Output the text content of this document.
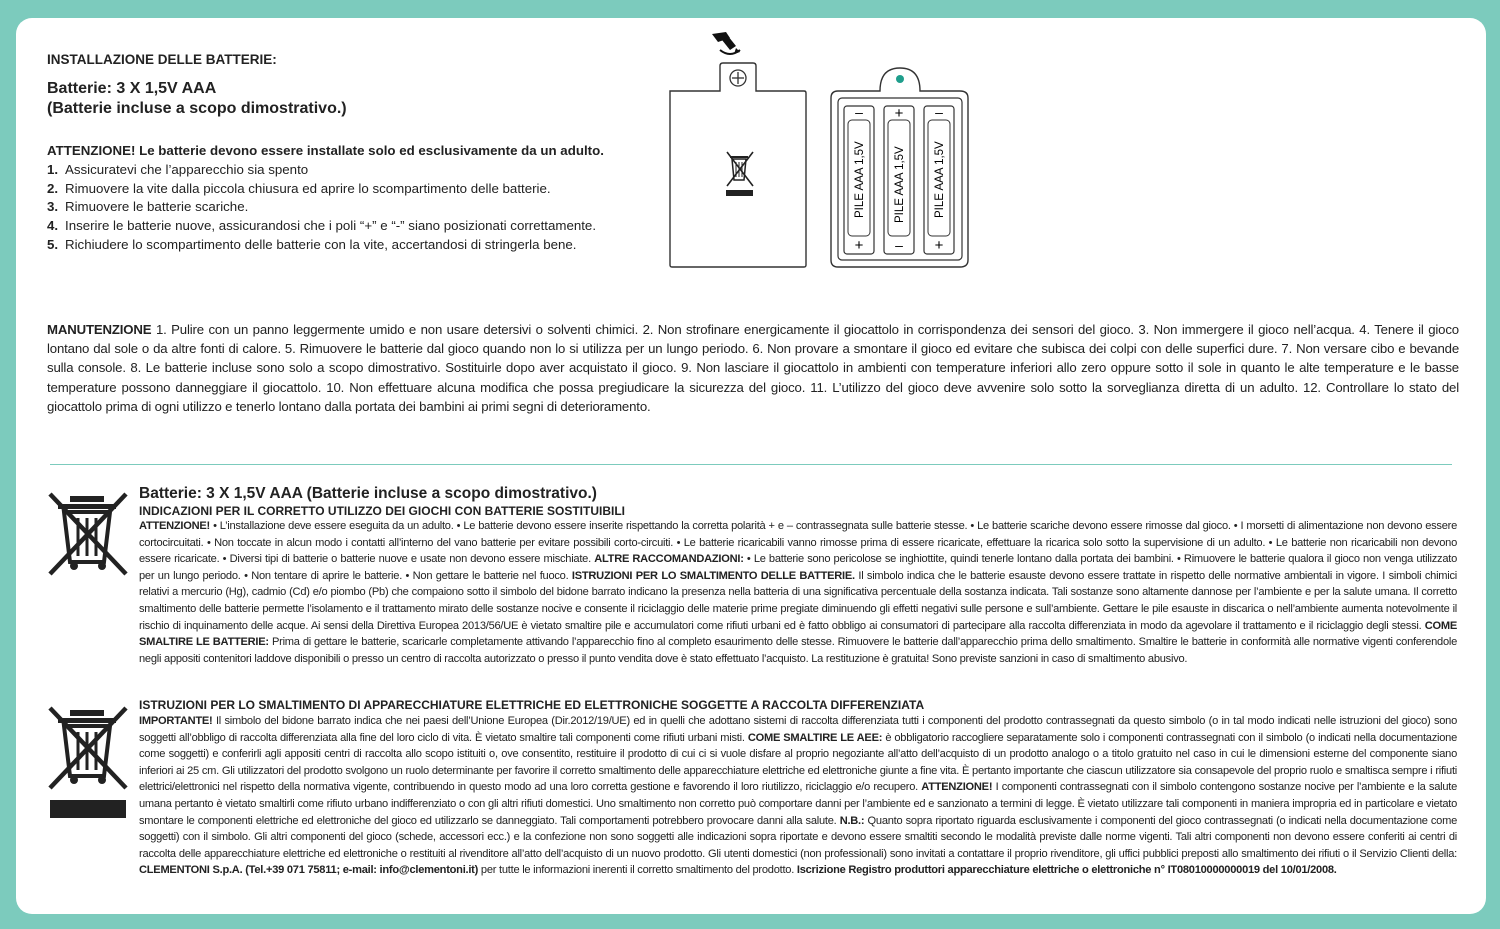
INSTALLAZIONE DELLE BATTERIE:
Batterie: 3 X 1,5V AAA
(Batterie incluse a scopo dimostrativo.)
ATTENZIONE! Le batterie devono essere installate solo ed esclusivamente da un adulto.
1. Assicuratevi che l’apparecchio sia spento
2. Rimuovere la vite dalla piccola chiusura ed aprire lo scompartimento delle batterie.
3. Rimuovere le batterie scariche.
4. Inserire le batterie nuove, assicurandosi che i poli “+” e “-” siano posizionati correttamente.
5. Richiudere lo scompartimento delle batterie con la vite, accertandosi di stringerla bene.	+
–
PILE AAA 1,5V
+
–
PILE AAA 1,5V
+
–
PILE AAA 1,5V
MANUTENZIONE 1. Pulire con un panno leggermente umido e non usare detersivi o solventi chimici. 2. Non strofinare energicamente il giocattolo in corrispondenza dei sensori del gioco. 3. Non immergere il gioco nell’acqua. 4. Tenere il gioco lontano dal sole o da altre fonti di calore. 5. Rimuovere le batterie dal gioco quando non lo si utilizza per un lungo periodo. 6. Non provare a smontare il gioco ed evitare che subisca dei colpi con delle superfici dure. 7. Non versare cibo e bevande sulla console. 8. Le batterie incluse sono solo a scopo dimostrativo. Sostituirle dopo aver acquistato il gioco. 9. Non lasciare il giocattolo in ambienti con temperature inferiori allo zero oppure sotto il sole in quanto le alte temperature e le basse temperature possono danneggiare il giocattolo. 10. Non effettuare alcuna modifica che possa pregiudicare la sicurezza del gioco. 11. L’utilizzo del gioco deve avvenire solo sotto la sorveglianza diretta di un adulto. 12. Controllare lo stato del giocattolo prima di ogni utilizzo e tenerlo lontano dalla portata dei bambini ai primi segni di deterioramento.
Batterie: 3 X 1,5V AAA (Batterie incluse a scopo dimostrativo.)
INDICAZIONI PER IL CORRETTO UTILIZZO DEI GIOCHI CON BATTERIE SOSTITUIBILI
ATTENZIONE! • L’installazione deve essere eseguita da un adulto. • Le batterie devono essere inserite rispettando la corretta polarità + e – contrassegnata sulle batterie stesse. • Le batterie scariche devono essere rimosse dal gioco. • I morsetti di alimentazione non devono essere cortocircuitati. • Non toccate in alcun modo i contatti all’interno del vano batterie per evitare possibili corto-circuiti. • Le batterie ricaricabili vanno rimosse prima di essere ricaricate, effettuare la ricarica solo sotto la supervisione di un adulto. • Le batterie non ricaricabili non devono essere ricaricate. • Diversi tipi di batterie o batterie nuove e usate non devono essere mischiate. ALTRE RACCOMANDAZIONI: • Le batterie sono pericolose se inghiottite, quindi tenerle lontano dalla portata dei bambini. • Rimuovere le batterie qualora il gioco non venga utilizzato per un lungo periodo. • Non tentare di aprire le batterie. • Non gettare le batterie nel fuoco. ISTRUZIONI PER LO SMALTIMENTO DELLE BATTERIE. Il simbolo indica che le batterie esauste devono essere trattate in rispetto delle normative ambientali in vigore. I simboli chimici relativi a mercurio (Hg), cadmio (Cd) e/o piombo (Pb) che compaiono sotto il simbolo del bidone barrato indicano la presenza nella batteria di una significativa percentuale della sostanza indicata. Tali sostanze sono altamente dannose per l’ambiente e per la salute umana. Il corretto smaltimento delle batterie permette l’isolamento e il trattamento mirato delle sostanze nocive e consente il riciclaggio delle materie prime pregiate diminuendo gli effetti negativi sulle persone e sull’ambiente. Gettare le pile esauste in discarica o nell’ambiente aumenta notevolmente il rischio di inquinamento delle acque. Ai sensi della Direttiva Europea 2013/56/UE è vietato smaltire pile e accumulatori come rifiuti urbani ed è fatto obbligo ai consumatori di partecipare alla raccolta differenziata in modo da agevolare il trattamento e il riciclaggio degli stessi. COME SMALTIRE LE BATTERIE: Prima di gettare le batterie, scaricarle completamente attivando l’apparecchio fino al completo esaurimento delle stesse. Rimuovere le batterie dall’apparecchio prima dello smaltimento. Smaltire le batterie in conformità alle normative vigenti conferendole negli appositi contenitori laddove disponibili o presso un centro di raccolta autorizzato o presso il punto vendita dove è stato effettuato l’acquisto. La restituzione è gratuita! Sono previste sanzioni in caso di smaltimento abusivo.
ISTRUZIONI PER LO SMALTIMENTO DI APPARECCHIATURE ELETTRICHE ED ELETTRONICHE SOGGETTE A RACCOLTA DIFFERENZIATA
IMPORTANTE! Il simbolo del bidone barrato indica che nei paesi dell’Unione Europea (Dir.2012/19/UE) ed in quelli che adottano sistemi di raccolta differenziata tutti i componenti del prodotto contrassegnati da questo simbolo (o in tal modo indicati nelle istruzioni del gioco) sono soggetti all’obbligo di raccolta differenziata alla fine del loro ciclo di vita. È vietato smaltire tali componenti come rifiuti urbani misti. COME SMALTIRE LE AEE: è obbligatorio raccogliere separatamente solo i componenti contrassegnati con il simbolo (o indicati nella documentazione come soggetti) e conferirli agli appositi centri di raccolta allo scopo istituiti o, ove consentito, restituire il prodotto di cui ci si vuole disfare al proprio negoziante all’atto dell’acquisto di un prodotto analogo o a titolo gratuito nel caso in cui le dimensioni esterne del componente siano inferiori ai 25 cm. Gli utilizzatori del prodotto svolgono un ruolo determinante per favorire il corretto smaltimento delle apparecchiature elettriche ed elettroniche giunte a fine vita. È pertanto importante che ciascun utilizzatore sia consapevole del proprio ruolo e smaltisca sempre i rifiuti elettrici/elettronici nel rispetto della normativa vigente, contribuendo in questo modo ad una loro corretta gestione e favorendo il loro riutilizzo, riciclaggio e/o recupero. ATTENZIONE! I componenti contrassegnati con il simbolo contengono sostanze nocive per l’ambiente e la salute umana pertanto è vietato smaltirli come rifiuto urbano indifferenziato o con gli altri rifiuti domestici. Uno smaltimento non corretto può comportare danni per l’ambiente ed e sanzionato a termini di legge. È vietato utilizzare tali componenti in maniera impropria ed in particolare e vietato smontare le componenti elettriche ed elettroniche del gioco ed utilizzarlo se danneggiato. Tali comportamenti potrebbero provocare danni alla salute. N.B.: Quanto sopra riportato riguarda esclusivamente i componenti del gioco contrassegnati (o indicati nella documentazione come soggetti) con il simbolo. Gli altri componenti del gioco (schede, accessori ecc.) e la confezione non sono soggetti alle indicazioni sopra riportate e devono essere smaltiti secondo le modalità previste dalle norme vigenti. Tali altri componenti non devono essere conferiti ai centri di raccolta delle apparecchiature elettriche ed elettroniche o restituiti al rivenditore all’atto dell’acquisto di un nuovo prodotto. Gli utenti domestici (non professionali) sono invitati a contattare il proprio rivenditore, gli uffici pubblici preposti allo smaltimento dei rifiuti o il Servizio Clienti della: CLEMENTONI S.p.A. (Tel.+39 071 75811; e-mail: info@clementoni.it) per tutte le informazioni inerenti il corretto smaltimento del prodotto. Iscrizione Registro produttori apparecchiature elettriche o elettroniche n° IT08010000000019 del 10/01/2008.
